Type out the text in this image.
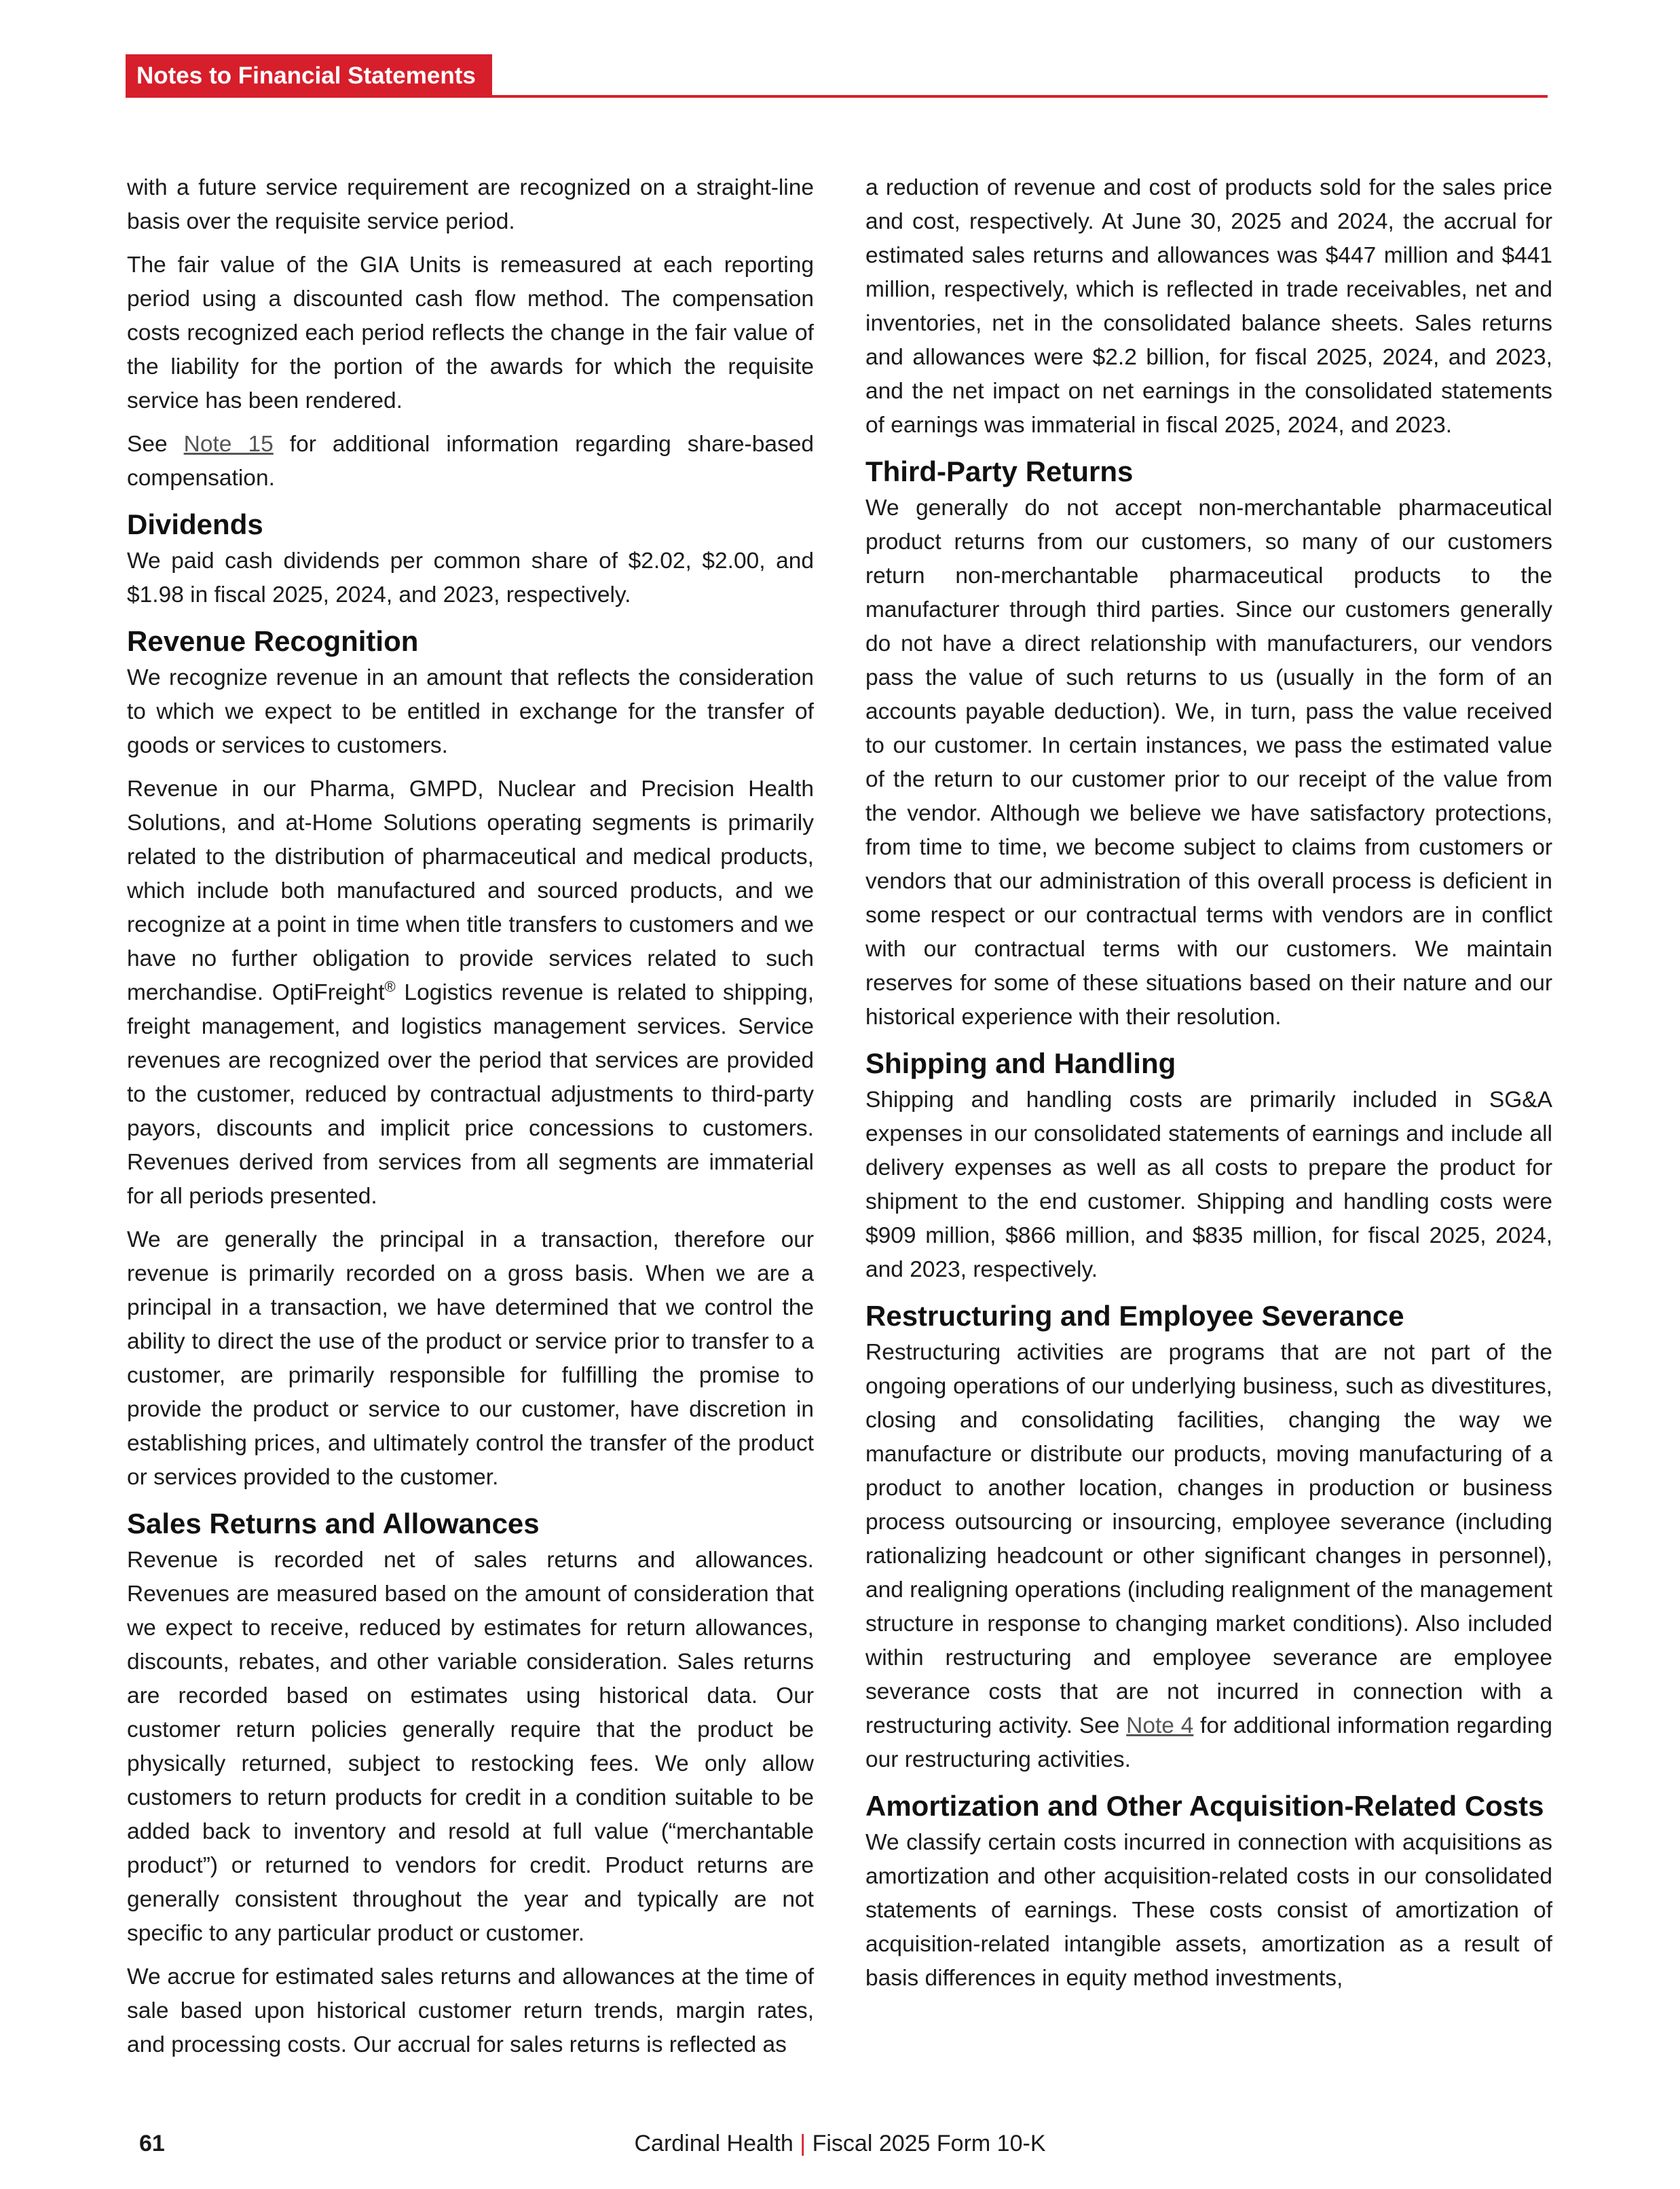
Notes to Financial Statements

with a future service requirement are recognized on a straight-line basis over the requisite service period.

The fair value of the GIA Units is remeasured at each reporting period using a discounted cash flow method. The compensation costs recognized each period reflects the change in the fair value of the liability for the portion of the awards for which the requisite service has been rendered.

See Note 15 for additional information regarding share-based compensation.

Dividends

We paid cash dividends per common share of $2.02, $2.00, and $1.98 in fiscal 2025, 2024, and 2023, respectively.

Revenue Recognition

We recognize revenue in an amount that reflects the consideration to which we expect to be entitled in exchange for the transfer of goods or services to customers.

Revenue in our Pharma, GMPD, Nuclear and Precision Health Solutions, and at-Home Solutions operating segments is primarily related to the distribution of pharmaceutical and medical products, which include both manufactured and sourced products, and we recognize at a point in time when title transfers to customers and we have no further obligation to provide services related to such merchandise. OptiFreight® Logistics revenue is related to shipping, freight management, and logistics management services. Service revenues are recognized over the period that services are provided to the customer, reduced by contractual adjustments to third-party payors, discounts and implicit price concessions to customers. Revenues derived from services from all segments are immaterial for all periods presented.

We are generally the principal in a transaction, therefore our revenue is primarily recorded on a gross basis. When we are a principal in a transaction, we have determined that we control the ability to direct the use of the product or service prior to transfer to a customer, are primarily responsible for fulfilling the promise to provide the product or service to our customer, have discretion in establishing prices, and ultimately control the transfer of the product or services provided to the customer.

Sales Returns and Allowances

Revenue is recorded net of sales returns and allowances. Revenues are measured based on the amount of consideration that we expect to receive, reduced by estimates for return allowances, discounts, rebates, and other variable consideration. Sales returns are recorded based on estimates using historical data. Our customer return policies generally require that the product be physically returned, subject to restocking fees. We only allow customers to return products for credit in a condition suitable to be added back to inventory and resold at full value (“merchantable product”) or returned to vendors for credit. Product returns are generally consistent throughout the year and typically are not specific to any particular product or customer.

We accrue for estimated sales returns and allowances at the time of sale based upon historical customer return trends, margin rates, and processing costs. Our accrual for sales returns is reflected as

a reduction of revenue and cost of products sold for the sales price and cost, respectively. At June 30, 2025 and 2024, the accrual for estimated sales returns and allowances was $447 million and $441 million, respectively, which is reflected in trade receivables, net and inventories, net in the consolidated balance sheets. Sales returns and allowances were $2.2 billion, for fiscal 2025, 2024, and 2023, and the net impact on net earnings in the consolidated statements of earnings was immaterial in fiscal 2025, 2024, and 2023.

Third-Party Returns

We generally do not accept non-merchantable pharmaceutical product returns from our customers, so many of our customers return non-merchantable pharmaceutical products to the manufacturer through third parties. Since our customers generally do not have a direct relationship with manufacturers, our vendors pass the value of such returns to us (usually in the form of an accounts payable deduction). We, in turn, pass the value received to our customer. In certain instances, we pass the estimated value of the return to our customer prior to our receipt of the value from the vendor. Although we believe we have satisfactory protections, from time to time, we become subject to claims from customers or vendors that our administration of this overall process is deficient in some respect or our contractual terms with vendors are in conflict with our contractual terms with our customers. We maintain reserves for some of these situations based on their nature and our historical experience with their resolution.

Shipping and Handling

Shipping and handling costs are primarily included in SG&A expenses in our consolidated statements of earnings and include all delivery expenses as well as all costs to prepare the product for shipment to the end customer. Shipping and handling costs were $909 million, $866 million, and $835 million, for fiscal 2025, 2024, and 2023, respectively.

Restructuring and Employee Severance

Restructuring activities are programs that are not part of the ongoing operations of our underlying business, such as divestitures, closing and consolidating facilities, changing the way we manufacture or distribute our products, moving manufacturing of a product to another location, changes in production or business process outsourcing or insourcing, employee severance (including rationalizing headcount or other significant changes in personnel), and realigning operations (including realignment of the management structure in response to changing market conditions). Also included within restructuring and employee severance are employee severance costs that are not incurred in connection with a restructuring activity. See Note 4 for additional information regarding our restructuring activities.

Amortization and Other Acquisition-Related Costs

We classify certain costs incurred in connection with acquisitions as amortization and other acquisition-related costs in our consolidated statements of earnings. These costs consist of amortization of acquisition-related intangible assets, amortization as a result of basis differences in equity method investments,

61	Cardinal Health | Fiscal 2025 Form 10-K
